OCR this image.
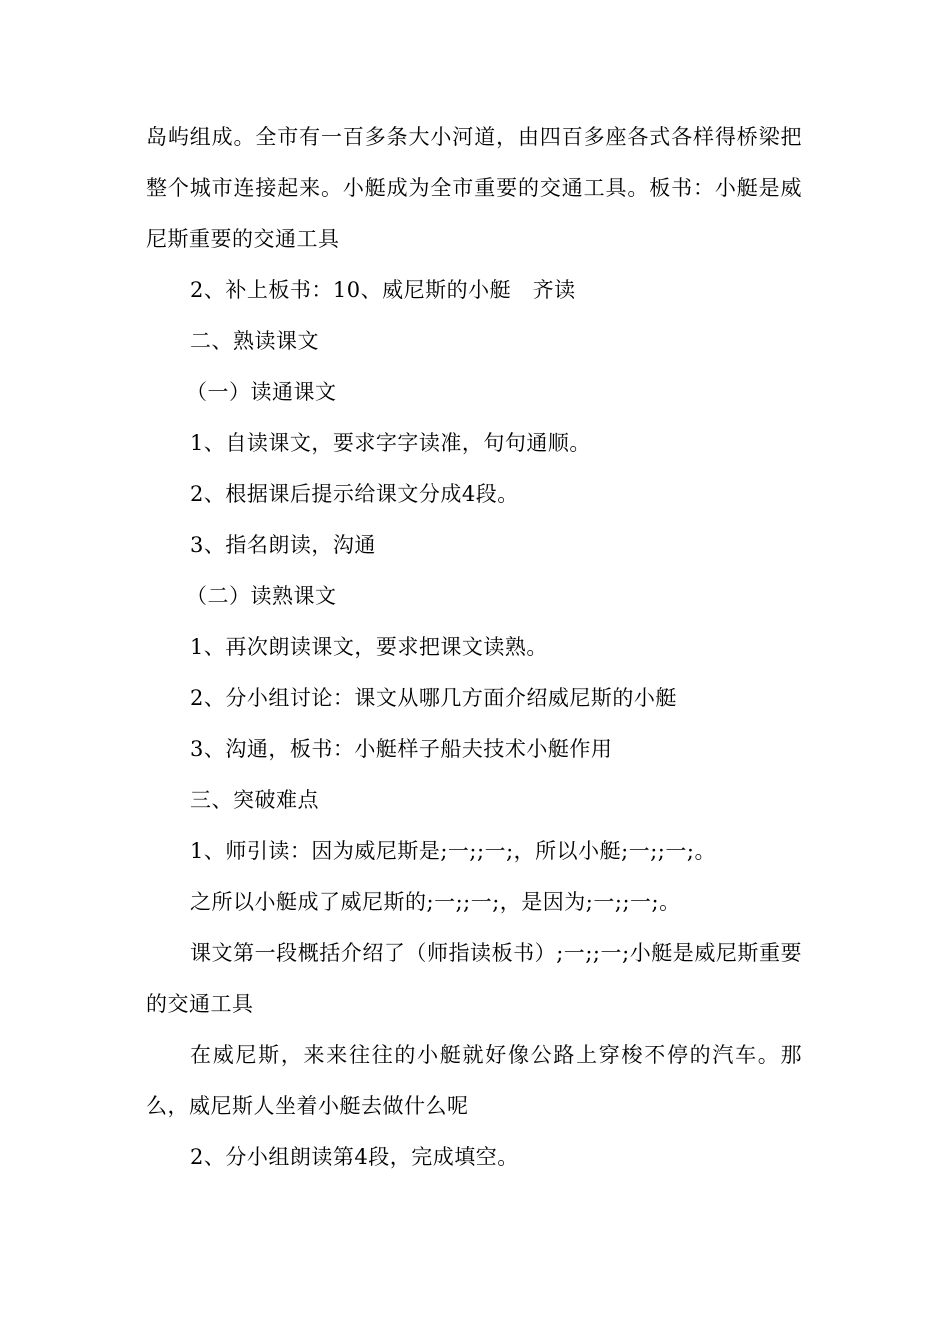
岛屿组成。全市有一百多条大小河道，由四百多座各式各样得桥梁把整个城市连接起来。小艇成为全市重要的交通工具。板书：小艇是威尼斯重要的交通工具

2、补上板书：10、威尼斯的小艇　齐读

二、熟读课文

（一）读通课文

1、自读课文，要求字字读准，句句通顺。

2、根据课后提示给课文分成4段。

3、指名朗读，沟通

（二）读熟课文

1、再次朗读课文，要求把课文读熟。

2、分小组讨论：课文从哪几方面介绍威尼斯的小艇

3、沟通，板书：小艇样子船夫技术小艇作用

三、突破难点

1、师引读：因为威尼斯是;一;;一;，所以小艇;一;;一;。

之所以小艇成了威尼斯的;一;;一;，是因为;一;;一;。

课文第一段概括介绍了（师指读板书）;一;;一;小艇是威尼斯重要的交通工具

在威尼斯，来来往往的小艇就好像公路上穿梭不停的汽车。那么，威尼斯人坐着小艇去做什么呢

2、分小组朗读第4段，完成填空。
